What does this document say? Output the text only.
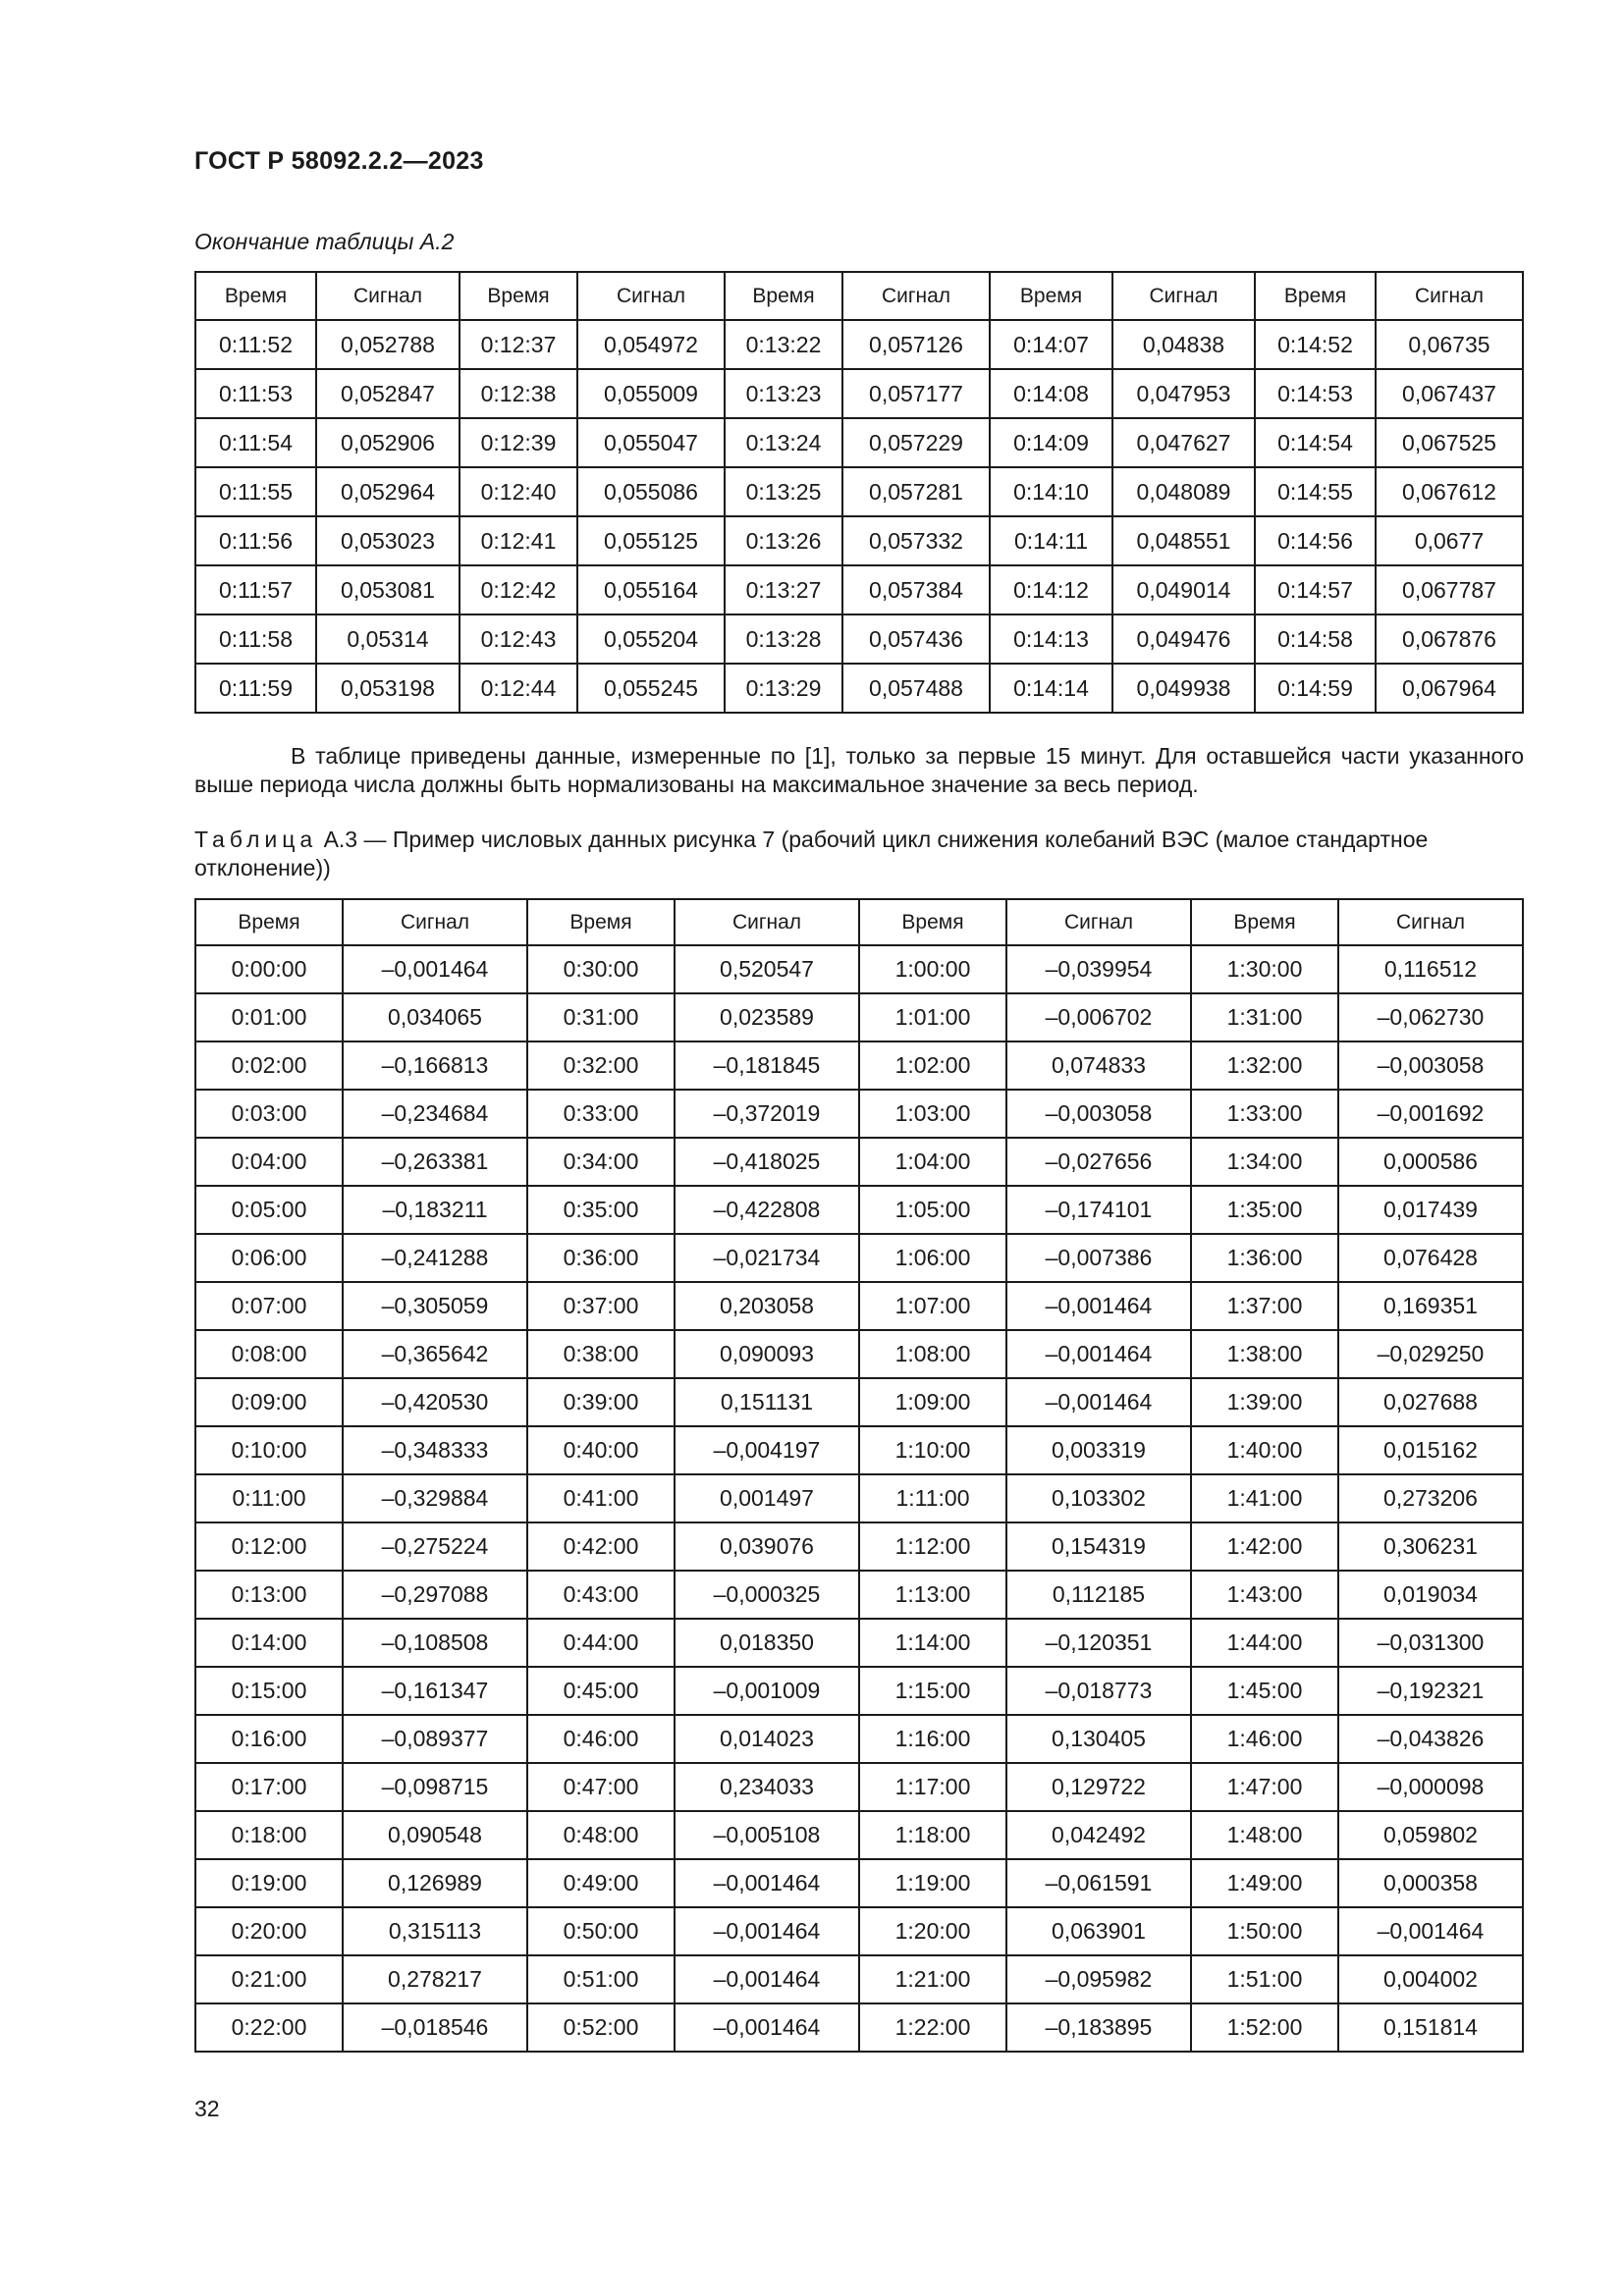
ГОСТ Р 58092.2.2—2023
Окончание таблицы А.2
Время	Сигнал	Время	Сигнал	Время	Сигнал	Время	Сигнал	Время	Сигнал
0:11:52	0,052788	0:12:37	0,054972	0:13:22	0,057126	0:14:07	0,04838	0:14:52	0,06735
0:11:53	0,052847	0:12:38	0,055009	0:13:23	0,057177	0:14:08	0,047953	0:14:53	0,067437
0:11:54	0,052906	0:12:39	0,055047	0:13:24	0,057229	0:14:09	0,047627	0:14:54	0,067525
0:11:55	0,052964	0:12:40	0,055086	0:13:25	0,057281	0:14:10	0,048089	0:14:55	0,067612
0:11:56	0,053023	0:12:41	0,055125	0:13:26	0,057332	0:14:11	0,048551	0:14:56	0,0677
0:11:57	0,053081	0:12:42	0,055164	0:13:27	0,057384	0:14:12	0,049014	0:14:57	0,067787
0:11:58	0,05314	0:12:43	0,055204	0:13:28	0,057436	0:14:13	0,049476	0:14:58	0,067876
0:11:59	0,053198	0:12:44	0,055245	0:13:29	0,057488	0:14:14	0,049938	0:14:59	0,067964
В таблице приведены данные, измеренные по [1], только за первые 15 минут. Для оставшейся части указанного выше периода числа должны быть нормализованы на максимальное значение за весь период.
Таблица А.3 — Пример числовых данных рисунка 7 (рабочий цикл снижения колебаний ВЭС (малое стандартное отклонение))
Время	Сигнал	Время	Сигнал	Время	Сигнал	Время	Сигнал
0:00:00	–0,001464	0:30:00	0,520547	1:00:00	–0,039954	1:30:00	0,116512
0:01:00	0,034065	0:31:00	0,023589	1:01:00	–0,006702	1:31:00	–0,062730
0:02:00	–0,166813	0:32:00	–0,181845	1:02:00	0,074833	1:32:00	–0,003058
0:03:00	–0,234684	0:33:00	–0,372019	1:03:00	–0,003058	1:33:00	–0,001692
0:04:00	–0,263381	0:34:00	–0,418025	1:04:00	–0,027656	1:34:00	0,000586
0:05:00	–0,183211	0:35:00	–0,422808	1:05:00	–0,174101	1:35:00	0,017439
0:06:00	–0,241288	0:36:00	–0,021734	1:06:00	–0,007386	1:36:00	0,076428
0:07:00	–0,305059	0:37:00	0,203058	1:07:00	–0,001464	1:37:00	0,169351
0:08:00	–0,365642	0:38:00	0,090093	1:08:00	–0,001464	1:38:00	–0,029250
0:09:00	–0,420530	0:39:00	0,151131	1:09:00	–0,001464	1:39:00	0,027688
0:10:00	–0,348333	0:40:00	–0,004197	1:10:00	0,003319	1:40:00	0,015162
0:11:00	–0,329884	0:41:00	0,001497	1:11:00	0,103302	1:41:00	0,273206
0:12:00	–0,275224	0:42:00	0,039076	1:12:00	0,154319	1:42:00	0,306231
0:13:00	–0,297088	0:43:00	–0,000325	1:13:00	0,112185	1:43:00	0,019034
0:14:00	–0,108508	0:44:00	0,018350	1:14:00	–0,120351	1:44:00	–0,031300
0:15:00	–0,161347	0:45:00	–0,001009	1:15:00	–0,018773	1:45:00	–0,192321
0:16:00	–0,089377	0:46:00	0,014023	1:16:00	0,130405	1:46:00	–0,043826
0:17:00	–0,098715	0:47:00	0,234033	1:17:00	0,129722	1:47:00	–0,000098
0:18:00	0,090548	0:48:00	–0,005108	1:18:00	0,042492	1:48:00	0,059802
0:19:00	0,126989	0:49:00	–0,001464	1:19:00	–0,061591	1:49:00	0,000358
0:20:00	0,315113	0:50:00	–0,001464	1:20:00	0,063901	1:50:00	–0,001464
0:21:00	0,278217	0:51:00	–0,001464	1:21:00	–0,095982	1:51:00	0,004002
0:22:00	–0,018546	0:52:00	–0,001464	1:22:00	–0,183895	1:52:00	0,151814
32
